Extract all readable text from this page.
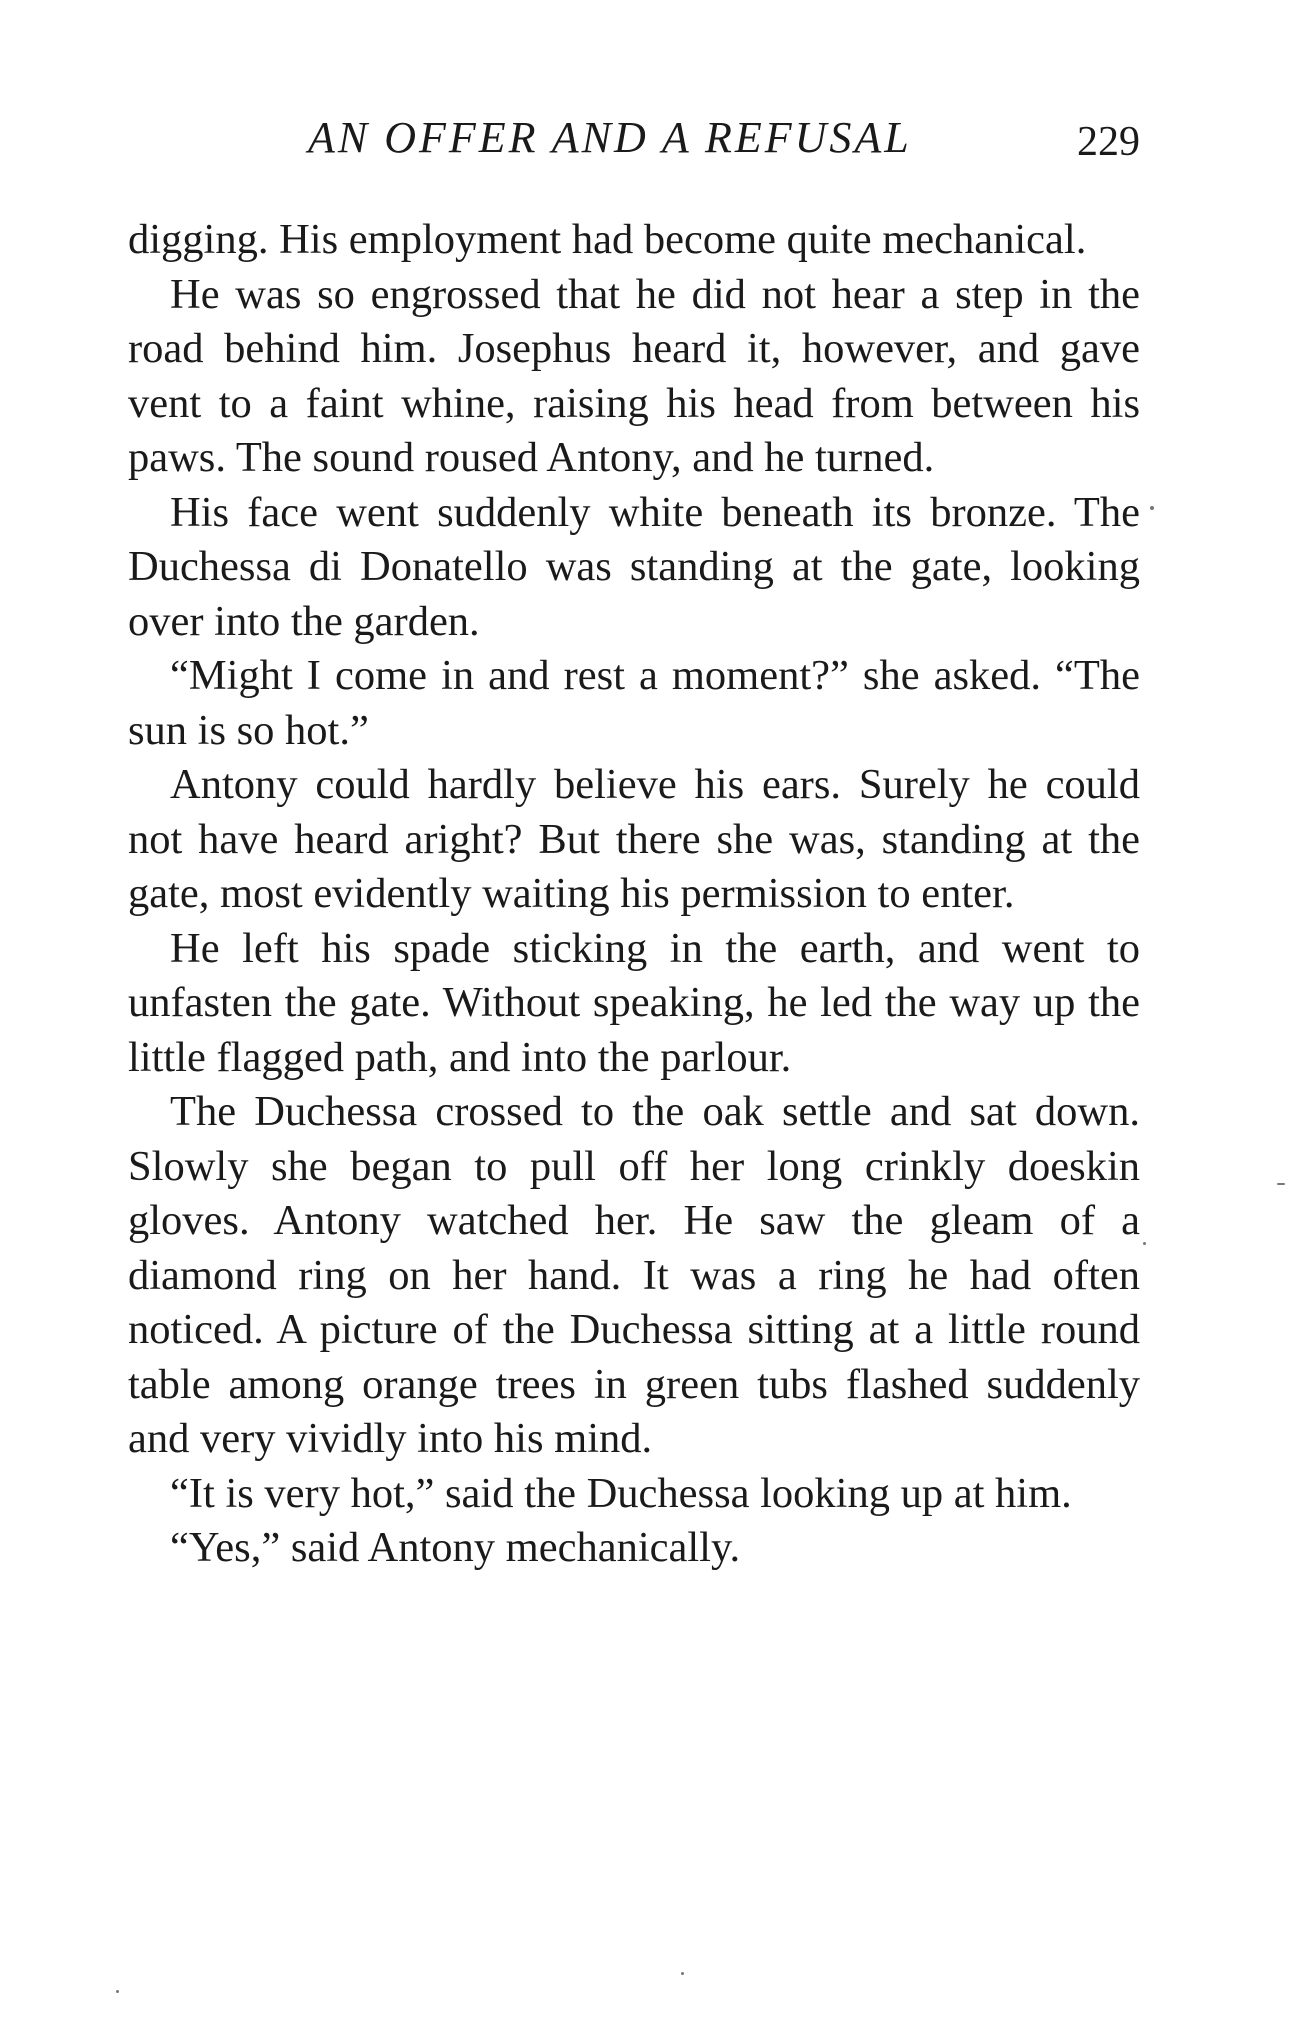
AN OFFER AND A REFUSAL	229

digging. His employment had become quite mechanical.

He was so engrossed that he did not hear a step in the road behind him. Josephus heard it, however, and gave vent to a faint whine, raising his head from between his paws. The sound roused Antony, and he turned.

His face went suddenly white beneath its bronze. The Duchessa di Donatello was standing at the gate, looking over into the garden.

“Might I come in and rest a moment?” she asked. “The sun is so hot.”

Antony could hardly believe his ears. Surely he could not have heard aright? But there she was, standing at the gate, most evidently waiting his permission to enter.

He left his spade sticking in the earth, and went to unfasten the gate. Without speaking, he led the way up the little flagged path, and into the parlour.

The Duchessa crossed to the oak settle and sat down. Slowly she began to pull off her long crinkly doeskin gloves. Antony watched her. He saw the gleam of a diamond ring on her hand. It was a ring he had often noticed. A picture of the Duchessa sitting at a little round table among orange trees in green tubs flashed suddenly and very vividly into his mind.

“It is very hot,” said the Duchessa looking up at him.

“Yes,” said Antony mechanically.
